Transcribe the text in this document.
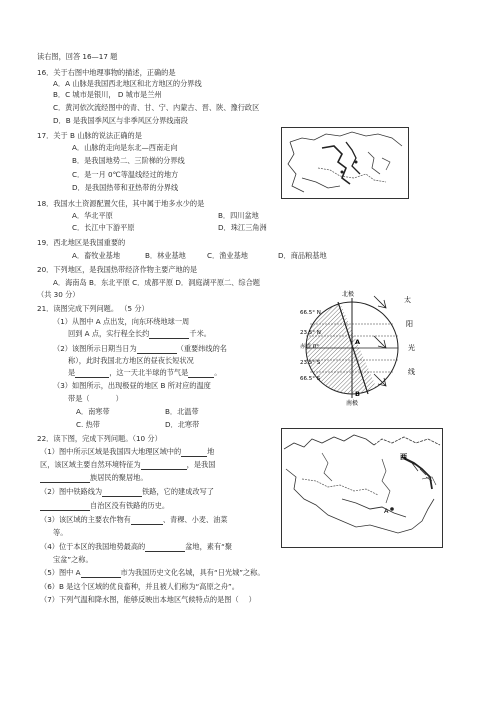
读右图，回答 16—17 题
16．关于右图中地理事物的描述，正确的是
A．A 山脉是我国西北地区和北方地区的分界线
B．C 城市是银川， D 城市是兰州
C．黄河依次流经图中的青、甘、宁、内蒙古、晋、陕、豫行政区
D．B 是我国季风区与非季风区分界线南段
17．关于 B 山脉的说法正确的是
A．山脉的走向是东北—西南走向
B．是我国地势二、三阶梯的分界线
C．是一月 0℃等温线经过的地方
D．是我国热带和亚热带的分界线
18．我国水土资源配置欠佳，其中属于地多水少的是
A．华北平原	B．四川盆地
C．长江中下游平原	D．珠江三角洲
19．西北地区是我国重要的
A．畜牧业基地	B．林业基地	C．渔业基地	D．商品粮基地
20．下列地区，是我国热带经济作物主要产地的是
A．海南岛 B．东北平原 C．成都平原 D．洞庭湖平原二、综合题
（共 30 分）
21．读图完成下列问题。 （5 分）
（1）从图中 A 点出发，向东环绕地球一周
回到 A 点，实行程全长约	千米。
（2）该图所示日期当日为	（重要纬线的名
称），此时我国北方地区的昼夜长短状况
是	，这一天北半球的节气是	。
（3）如图所示，出现极昼的地区 B 所对应的温度
带是（	）
A．南寒带	B．北温带
C. 热带	D．北寒带
北极
南极
66.5° N
23.5° N
赤道 0°
23.5° S
66.5° S
A
B
太
阳
光
线
22．读下图，完成下列问题。（10 分）
（1）图中所示区域是我国四大地理区域中的	地
区，该区域主要自然环境特征为	，是我国
族居民的聚居地。
（2）图中铁路线为	铁路，它的建成改写了
自治区没有铁路的历史。
（3）该区域的主要农作物有	、青稞、小麦、油菜
等。
（4）位于本区的我国地势最高的	盆地，素有“聚
宝盆”之称。
（5）图中 A	市为我国历史文化名城，具有“日光城”之称。
（6）B 是这个区域的优良畜种，并且被人们称为“高原之舟”。
（7）下列气温和降水图，能够反映出本地区气候特点的是图（ ）
西
A
